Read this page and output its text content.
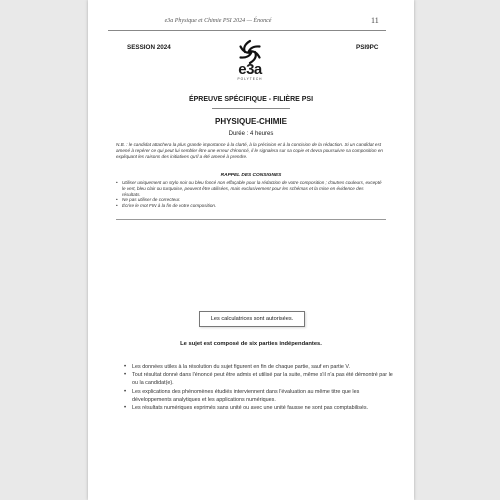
e3a Physique et Chimie PSI 2024 — Énoncé	11
SESSION 2024	PSI9PC
e3a
POLYTECH
ÉPREUVE SPÉCIFIQUE - FILIÈRE PSI
PHYSIQUE-CHIMIE
Durée : 4 heures
N.B. : le candidat attachera la plus grande importance à la clarté, à la précision et à la concision de la rédaction. Si un candidat est amené à repérer ce qui peut lui sembler être une erreur d'énoncé, il le signalera sur sa copie et devra poursuivre sa composition en expliquant les raisons des initiatives qu'il a été amené à prendre.
RAPPEL DES CONSIGNES
• Utiliser uniquement un stylo noir ou bleu foncé non effaçable pour la rédaction de votre composition ; d'autres couleurs, excepté le vert, bleu clair ou turquoise, peuvent être utilisées, mais exclusivement pour les schémas et la mise en évidence des résultats.
• Ne pas utiliser de correcteur.
• Écrire le mot FIN à la fin de votre composition.
Les calculatrices sont autorisées.
Le sujet est composé de six parties indépendantes.
• Les données utiles à la résolution du sujet figurent en fin de chaque partie, sauf en partie V.
• Tout résultat donné dans l'énoncé peut être admis et utilisé par la suite, même s'il n'a pas été démontré par le ou la candidat(e).
• Les explications des phénomènes étudiés interviennent dans l'évaluation au même titre que les développements analytiques et les applications numériques.
• Les résultats numériques exprimés sans unité ou avec une unité fausse ne sont pas comptabilisés.
